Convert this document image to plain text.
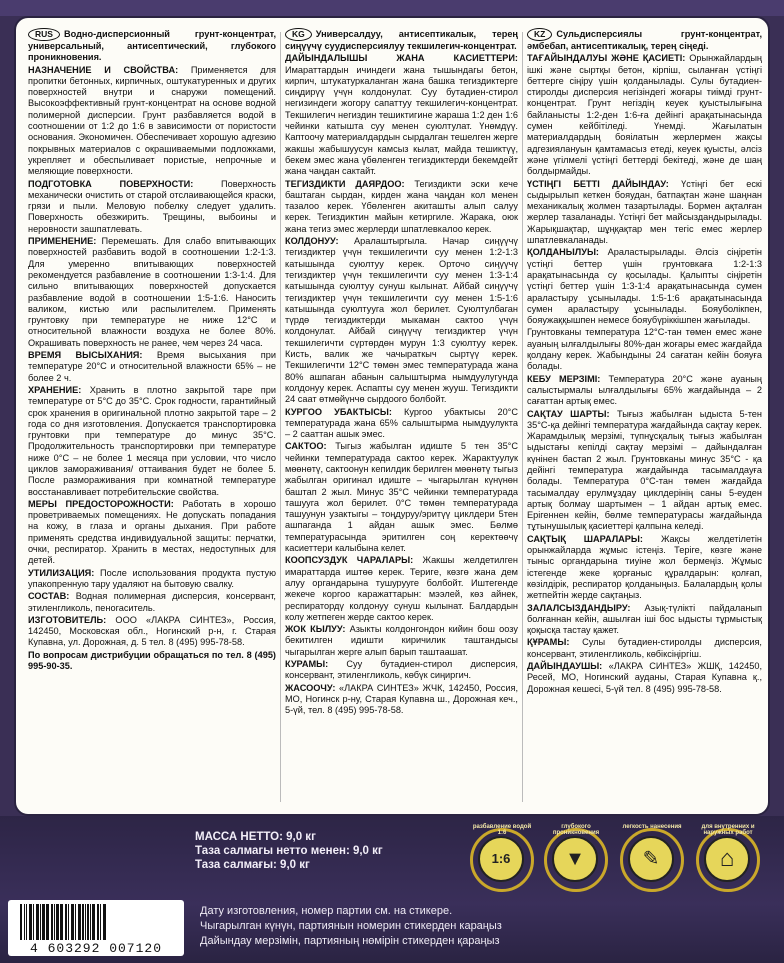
RUS Водно-дисперсионный грунт-концентрат, универсальный, антисептический, глубокого проникновения.

НАЗНАЧЕНИЕ И СВОЙСТВА: Применяется для пропитки бетонных, кирпичных, оштукатуренных и других поверхностей внутри и снаружи помещений. Высокоэффективный грунт-концентрат на основе водной полимерной дисперсии. Грунт разбавляется водой в соотношении от 1:2 до 1:6 в зависимости от пористости основания. Экономичен. Обеспечивает хорошую адгезию покрывных материалов с окрашиваемыми подложками, укрепляет и обеспыливает пористые, непрочные и меляющие поверхности.

ПОДГОТОВКА ПОВЕРХНОСТИ:	Поверхность механически очистить от старой отслаивающейся краски, грязи и пыли. Меловую побелку следует удалить. Поверхность обезжирить. Трещины, выбоины и неровности зашпатлевать.

ПРИМЕНЕНИЕ: Перемешать. Для слабо впитывающих поверхностей разбавить водой в соотношении 1:2-1:3. Для умеренно впитывающих поверхностей рекомендуется разбавление в соотношении 1:3-1:4. Для сильно впитывающих поверхностей допускается разбавление водой в соотношении 1:5-1:6. Наносить валиком, кистью или распылителем. Применять грунтовку при температуре не ниже 12°С и относительной влажности воздуха не более 80%. Окрашивать поверхность не ранее, чем через 24 часа.

ВРЕМЯ ВЫСЫХАНИЯ: Время высыхания при температуре 20°С и относительной влажности 65% – не более 2 ч.

ХРАНЕНИЕ: Хранить в плотно закрытой таре при температуре от 5°С до 35°С. Срок годности, гарантийный срок хранения в оригинальной плотно закрытой таре – 2 года со дня изготовления. Допускается транспортировка грунтовки при температуре до минус 35°С. Продолжительность транспортировки при температуре ниже 0°С – не более 1 месяца при условии, что число циклов замораживания/ оттаивания будет не более 5. После размораживания при комнатной температуре восстанавливает потребительские свойства.

МЕРЫ ПРЕДОСТОРОЖНОСТИ: Работать в хорошо проветриваемых помещениях. Не допускать попадания на кожу, в глаза и органы дыхания. При работе применять средства индивидуальной защиты: перчатки, очки, респиратор. Хранить в местах, недоступных для детей.

УТИЛИЗАЦИЯ: После использования продукта пустую упакопренную тару удаляют на бытовую свалку.

СОСТАВ: Водная полимерная дисперсия, консервант, этиленгликоль, пеногаситель.

ИЗГОТОВИТЕЛЬ: ООО «ЛАКРА СИНТЕЗ», Россия, 142450, Московская обл., Ногинский р-н, г. Старая Купавна, ул. Дорожная, д. 5 тел. 8 (495) 995-78-58.

По вопросам дистрибуции обращаться по тел. 8 (495) 995-90-35.

KG Универсалдуу, антисептикалык, терең сиңүүчү суудисперсиялуу текшилегич-концентрат.

ДАЙЫНДАЛЫШЫ ЖАНА КАСИЕТТЕРИ: Имараттардын ичиндеги жана тышындагы бетон, кирпич, штукатуркаланган жана башка тегиздиктерге сиңдирүү үчүн колдонулат. Суу бутадиен-стирол негизиндеги жогору сапаттуу текшилегич-концентрат. Текшилегич негиздин тешиктигине жараша 1:2 ден 1:6 чейинки катышта суу менен суюлтулат. Үнөмдүү. Каптоочу материалдардын сырдалган тешелген жерге жакшы жабышуусун камсыз кылат, майда тешиктүү, бекем эмес жана үбөленген тегиздиктерди бекемдейт жана чаңдан сактайт.

ТЕГИЗДИКТИ ДАЯРДОО: Тегиздикти эски кече баштаган сырдан, кирден жана чаңдан кол менен тазалоо керек. Үбөленген акиташты алып салуу керек. Тегиздиктин майын кетиргиле. Жарака, оюк жана тегиз эмес жерлерди шпатлевкалоо керек.

КОЛДОНУУ: Аралаштыргыла. Начар сиңүүчү тегиздиктер үчүн текшилегичти суу менен 1:2-1:3 катышында суюлтуу керек. Орточо сиңүүчү тегиздиктер үчүн текшилегичти суу менен 1:3-1:4 катышында суюлтуу сунуш кылынат. Айбай сиңүүчү тегиздиктер үчүн текшилегичти суу менен 1:5-1:6 катышында суюлтууга жол берилет. Суюлтулбаган түрдө тегиздиктерди мыкаман сактоо үчүн колдонулат. Айбай сиңүүчү тегиздиктер үчүн текшилегичти сүртөрдөн мурун 1:3 суюлтуу керек. Кисть, валик же чачыраткыч сыртүү керек. Текшилегичти 12°С төмөн эмес температурада жана 80% ашпаган абанын салыштырма нымдуулугунда колдонуу керек. Аспапты суу менен жууш. Тегиздикти 24 саат өтмөйүнчө сырдоого болбойт.

КУРГОО УБАКТЫСЫ: Кургоо убактысы 20°С температурада жана 65% салыштырма нымдуулукта – 2 сааттан ашык эмес.

САКТОО: Тыгыз жабылган идиште 5 тен 35°С чейинки температурада сактоо керек. Жарактуулук мөөнөтү, сактоонун кепилдик берилген мөөнөтү тыгыз жабылган оригинал идиште – чыгарылган күнүнөн баштап 2 жыл. Минус 35°С чейинки температурада ташууга жол берилет. 0°С төмөн температурада ташуунун узактыгы – тоңдуруу/эритүү циклдери 5тен ашпаганда 1 айдан ашык эмес. Бөлмө температурасында эритилген соң керектөөчү касиеттери калыбына келет.

КООПСУЗДУК ЧАРАЛАРЫ: Жакшы желдетилген имараттарда иштөө керек. Теригe, көзгө жана дем алуу органдарына тушурууге болбойт. Иштегенде жекече коргоо каражаттарын: мээлей, көз айнек, респиратордү колдонуу сунуш кылынат. Балдардын колу жетпеген жерде сактоо керек.

ЖОК КЫЛУУ: Азыкты колдонгондон кийин бош оозу бекитилген идишти киричилик таштандысы чыгарылган жерге алып барып таштаашат.

КУРАМЫ: Суу бутадиен-стирол дисперсия, консервант, этиленгликоль, көбүк сиңиргич.

ЖАСООЧУ: «ЛАКРА СИНТЕЗ» ЖЧК, 142450, Россия, МО, Ногинск р-ну, Старая Купавна ш., Дорожная кеч., 5-үй, тел. 8 (495) 995-78-58.

KZ Сульдисперсиялы грунт-концентрат, әмбебап, антисептикалық, терең сіңеді.

ТАҒАЙЫНДАЛУЫ ЖӘНЕ ҚАСИЕТІ: Орынжайлардың ішкі және сыртқы бетон, кірпіш, сыланған үстіңгі беттерге сіңіру үшін қолданылады. Сулы бутадиен-стиролды дисперсия негізіндегі жоғары тиімді грунт-концентрат. Грунт негіздің кеуек қуыстылығына байланысты 1:2-ден 1:6-ға дейінгі арақатынасында сумен кейбітіледі. Үнемді. Жағылатын материалдардың бояілатын жерлермен жақсы адгезиялануын қамтамасыз етеді, кеуек қуысты, әлсіз және үгілмелі үстіңгі беттерді бекітеді, және де шаң болдырмайды.

ҮСТІҢГІ БЕТТІ ДАЙЫНДАУ: Үстіңгі бет ескі сыдырылып кеткен бояудан, батпақтан және шаңнан механикалық жолмен тазартылады. Бормен ақталған жерлер тазаланады. Үстіңгі бет майсыздандырылады. Жарықшақтар, шұңқақтар мен тегіс емес жерлер шпатлевкаланады.

ҚОЛДАНЫЛУЫ: Араластырылады. Әлсіз сіңіретін үстіңгі беттер үшін грунтовкаға 1:2-1:3 арақатынасында су қосылады. Қалыпты сіңіретін үстіңгі беттер үшін 1:3-1:4 арақатынасында сумен араластыру ұсынылады. 1:5-1:6 арақатынасында сумен араластыру ұсынылады. Бояуболікпен, бояужаққышпен немесе бояубүріккішпен жағылады.

Грунтовканы температура 12°С-тан төмен емес және ауаның ылғалдылығы 80%-дан жоғары емес жағдайда қолдану керек. Жабындыны 24 сағатан кейін бояуға болады.

КЕБУ МЕРЗІМІ: Температура 20°С және ауаның салыстырмалы ылғалдылығы 65% жағдайында – 2 сағаттан артық емес.

САҚТАУ ШАРТЫ: Тығыз жабылған ыдыста 5-тен 35°С-қа дейінгі температура жағдайында сақтау керек. Жарамдылық мерзімі, түпнұсқалық тығыз жабылған ыдыстағы кепілді сақтау мерзімі – дайындалған күнінен бастап 2 жыл. Грунтовканы минус 35°С - қа дейінгі температура жағдайында тасымалдауға болады. Температура 0°С-тан төмен жағдайда тасымалдау ерулмұздау циклдерінің саны 5-еуден артық болмау шартымен – 1 айдан артық емес. Ерігеннен кейін, бөлме температурасы жағдайында тұтынушылық қасиеттері қалпына келеді.

САҚТЫҚ ШАРАЛАРЫ: Жақсы желдетілетін орынжайларда жұмыс істеңіз. Теріге, көзге және тыныс органдарына тиуіне жол бермеңіз. Жұмыс істегенде жеке қорғаныс құралдарын: қолғап, көзілдірік, респиратор қолданыңыз. Балалардың қолы жетпейтін жерде сақтаңыз.

ЗАЛАЛСЫЗДАНДЫРУ: Азық-түлікті пайдаланып болғаннан кейін, ашылған іші бос ыдысты тұрмыстық қоқысқа тастау қажет.

ҚҰРАМЫ: Сулы бутадиен-стиролды дисперсия, консервант, этиленгликоль, көбіксіңіргіш.

ДАЙЫНДАУШЫ: «ЛАКРА СИНТЕЗ» ЖШҚ, 142450, Ресей, МО, Ногинский ауданы, Старая Купавна қ., Дорожная кешесі, 5-үй тел. 8 (495) 995-78-58.

МАССА НЕТТО: 9,0 кг
Таза салмагы нетто менен: 9,0 кг
Таза салмағы: 9,0 кг	1:6
разбавление водой 1:6
▼
глубокого проникновения
✎
легкость нанесения
⌂
для внутренних и наружных работ
4 603292 007120
Дату изготовления, номер партии см. на стикере.
Чыгарылган күнүн, партиянын номерин стикерден караңыз
Дайындау мерзімін, партияның нөмірін стикерден қараңыз
